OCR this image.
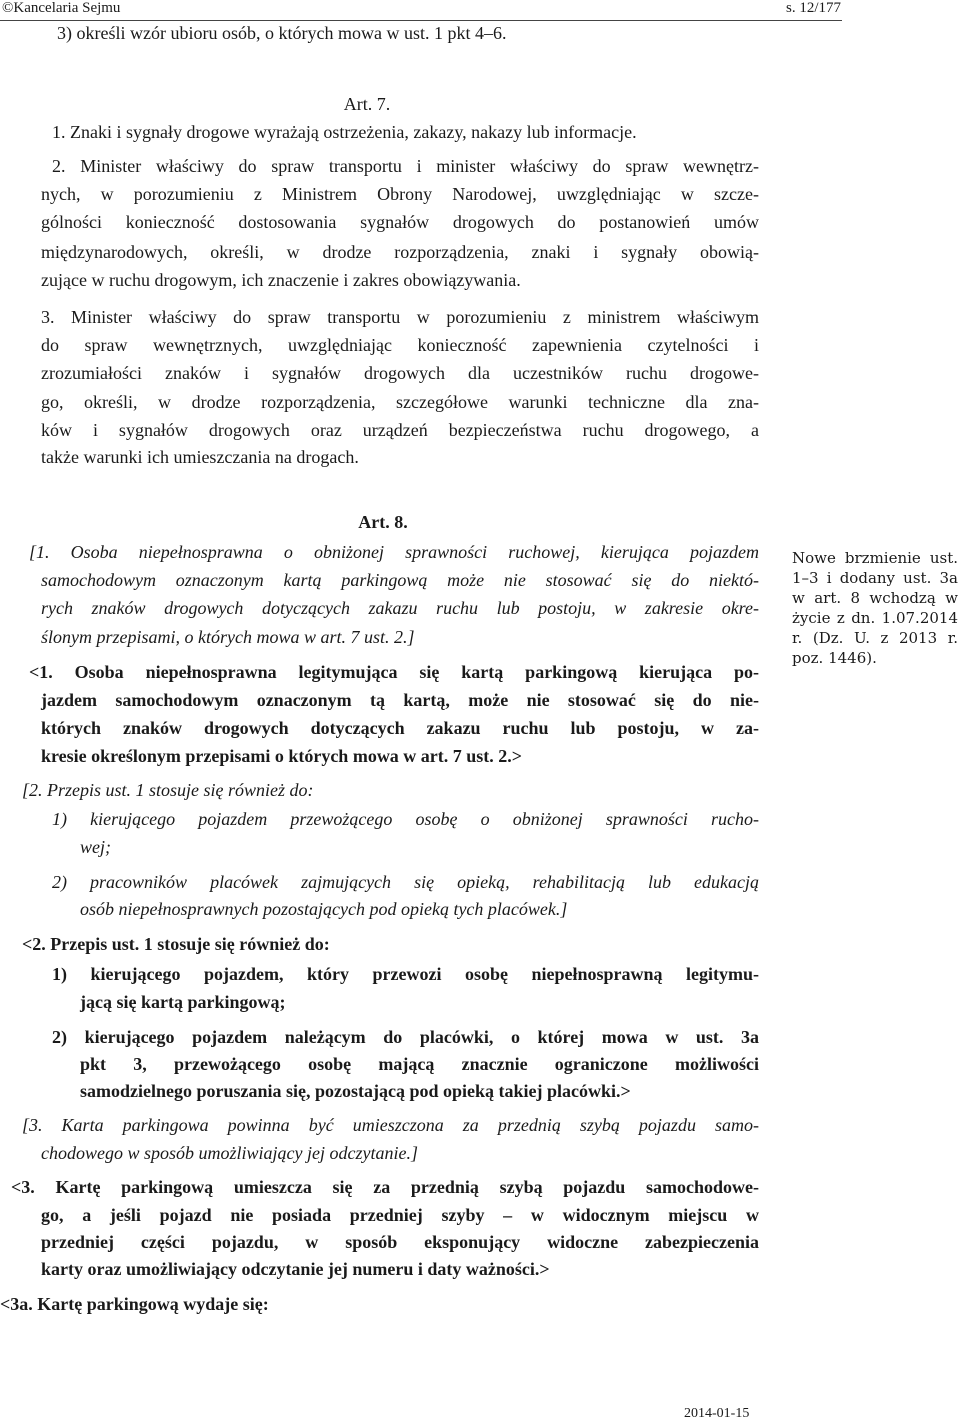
©Kancelaria Sejmu	s. 12/177
3) określi wzór ubioru osób, o których mowa w ust. 1 pkt 4–6.
Art. 7.
1. Znaki i sygnały drogowe wyrażają ostrzeżenia, zakazy, nakazy lub informacje.
2. Minister właściwy do spraw transportu i minister właściwy do spraw wewnętrz-
nych, w porozumieniu z Ministrem Obrony Narodowej, uwzględniając w szcze-
gólności konieczność dostosowania sygnałów drogowych do postanowień umów
międzynarodowych, określi, w drodze rozporządzenia, znaki i sygnały obowią-
zujące w ruchu drogowym, ich znaczenie i zakres obowiązywania.
3. Minister właściwy do spraw transportu w porozumieniu z ministrem właściwym
do spraw wewnętrznych, uwzględniając konieczność zapewnienia czytelności i
zrozumiałości znaków i sygnałów drogowych dla uczestników ruchu drogowe-
go, określi, w drodze rozporządzenia, szczegółowe warunki techniczne dla zna-
ków i sygnałów drogowych oraz urządzeń bezpieczeństwa ruchu drogowego, a
także warunki ich umieszczania na drogach.
Art. 8.
[1. Osoba niepełnosprawna o obniżonej sprawności ruchowej, kierująca pojazdem
samochodowym oznaczonym kartą parkingową może nie stosować się do niektó-
rych znaków drogowych dotyczących zakazu ruchu lub postoju, w zakresie okre-
ślonym przepisami, o których mowa w art. 7 ust. 2.]
<1. Osoba niepełnosprawna legitymująca się kartą parkingową kierująca po-
jazdem samochodowym oznaczonym tą kartą, może nie stosować się do nie-
których znaków drogowych dotyczących zakazu ruchu lub postoju, w za-
kresie określonym przepisami o których mowa w art. 7 ust. 2.>
[2. Przepis ust. 1 stosuje się również do:
1) kierującego pojazdem przewożącego osobę o obniżonej sprawności rucho-
wej;
2) pracowników placówek zajmujących się opieką, rehabilitacją lub edukacją
osób niepełnosprawnych pozostających pod opieką tych placówek.]
<2. Przepis ust. 1 stosuje się również do:
1) kierującego pojazdem, który przewozi osobę niepełnosprawną legitymu-
jącą się kartą parkingową;
2) kierującego pojazdem należącym do placówki, o której mowa w ust. 3a
pkt 3, przewożącego osobę mającą znacznie ograniczone możliwości
samodzielnego poruszania się, pozostającą pod opieką takiej placówki.>
[3. Karta parkingowa powinna być umieszczona za przednią szybą pojazdu samo-
chodowego w sposób umożliwiający jej odczytanie.]
<3. Kartę parkingową umieszcza się za przednią szybą pojazdu samochodowe-
go, a jeśli pojazd nie posiada przedniej szyby – w widocznym miejscu w
przedniej części pojazdu, w sposób eksponujący widoczne zabezpieczenia
karty oraz umożliwiający odczytanie jej numeru i daty ważności.>
<3a. Kartę parkingową wydaje się:
Nowe brzmienie ust.
1–3 i dodany ust. 3a
w art. 8 wchodzą w
życie z dn. 1.07.2014
r. (Dz. U. z 2013 r.
poz. 1446).
2014-01-15
